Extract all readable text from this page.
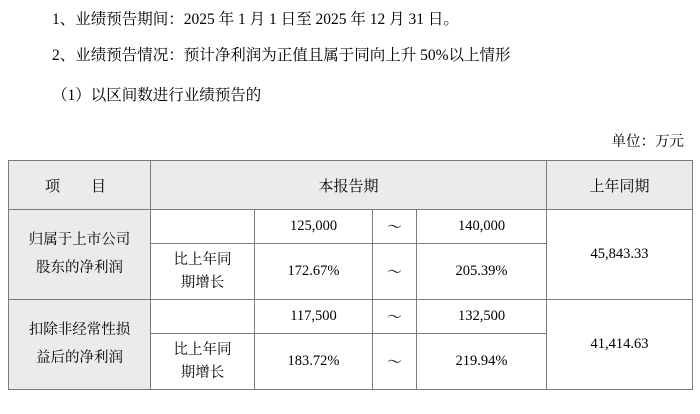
1、业绩预告期间：2025 年 1 月 1 日至 2025 年 12 月 31 日。
2、业绩预告情况：预计净利润为正值且属于同向上升 50%以上情形
（1）以区间数进行业绩预告的
单位：万元
项　目	本报告期				上年同期

归属于上市公司
股东的净利润		125,000	～	140,000	45,843.33

	比上年同
期增长	172.67%	～	205.39%	

扣除非经常性损
益后的净利润		117,500	～	132,500	41,414.63

	比上年同
期增长	183.72%	～	219.94%	
